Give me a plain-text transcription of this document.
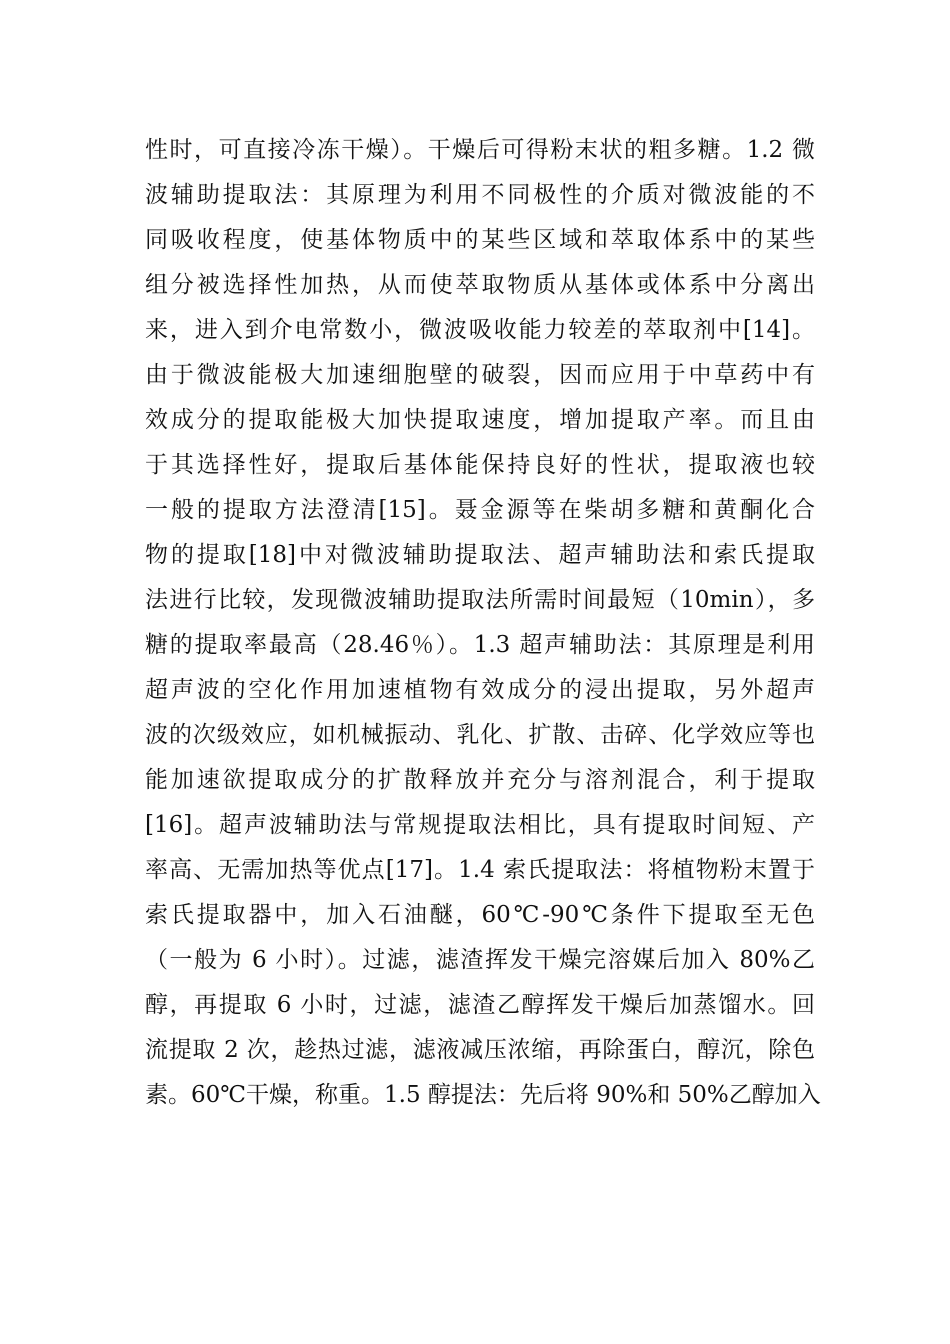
性时，可直接冷冻干燥）。干燥后可得粉末状的粗多糖。1.2 微
波辅助提取法：其原理为利用不同极性的介质对微波能的不
同吸收程度，使基体物质中的某些区域和萃取体系中的某些
组分被选择性加热，从而使萃取物质从基体或体系中分离出
来，进入到介电常数小，微波吸收能力较差的萃取剂中[14]。
由于微波能极大加速细胞壁的破裂，因而应用于中草药中有
效成分的提取能极大加快提取速度，增加提取产率。而且由
于其选择性好，提取后基体能保持良好的性状，提取液也较
一般的提取方法澄清[15]。聂金源等在柴胡多糖和黄酮化合
物的提取[18]中对微波辅助提取法、超声辅助法和索氏提取
法进行比较，发现微波辅助提取法所需时间最短（10min），多
糖的提取率最高（28.46％）。1.3 超声辅助法：其原理是利用
超声波的空化作用加速植物有效成分的浸出提取，另外超声
波的次级效应，如机械振动、乳化、扩散、击碎、化学效应等也
能加速欲提取成分的扩散释放并充分与溶剂混合，利于提取
[16]。超声波辅助法与常规提取法相比，具有提取时间短、产
率高、无需加热等优点[17]。1.4 索氏提取法：将植物粉末置于
索氏提取器中，加入石油醚，60℃-90℃条件下提取至无色
（一般为 6 小时）。过滤，滤渣挥发干燥完溶媒后加入 80%乙
醇，再提取 6 小时，过滤，滤渣乙醇挥发干燥后加蒸馏水。回
流提取 2 次，趁热过滤，滤液减压浓缩，再除蛋白，醇沉，除色
素。60℃干燥，称重。1.5 醇提法：先后将 90%和 50%乙醇加入
